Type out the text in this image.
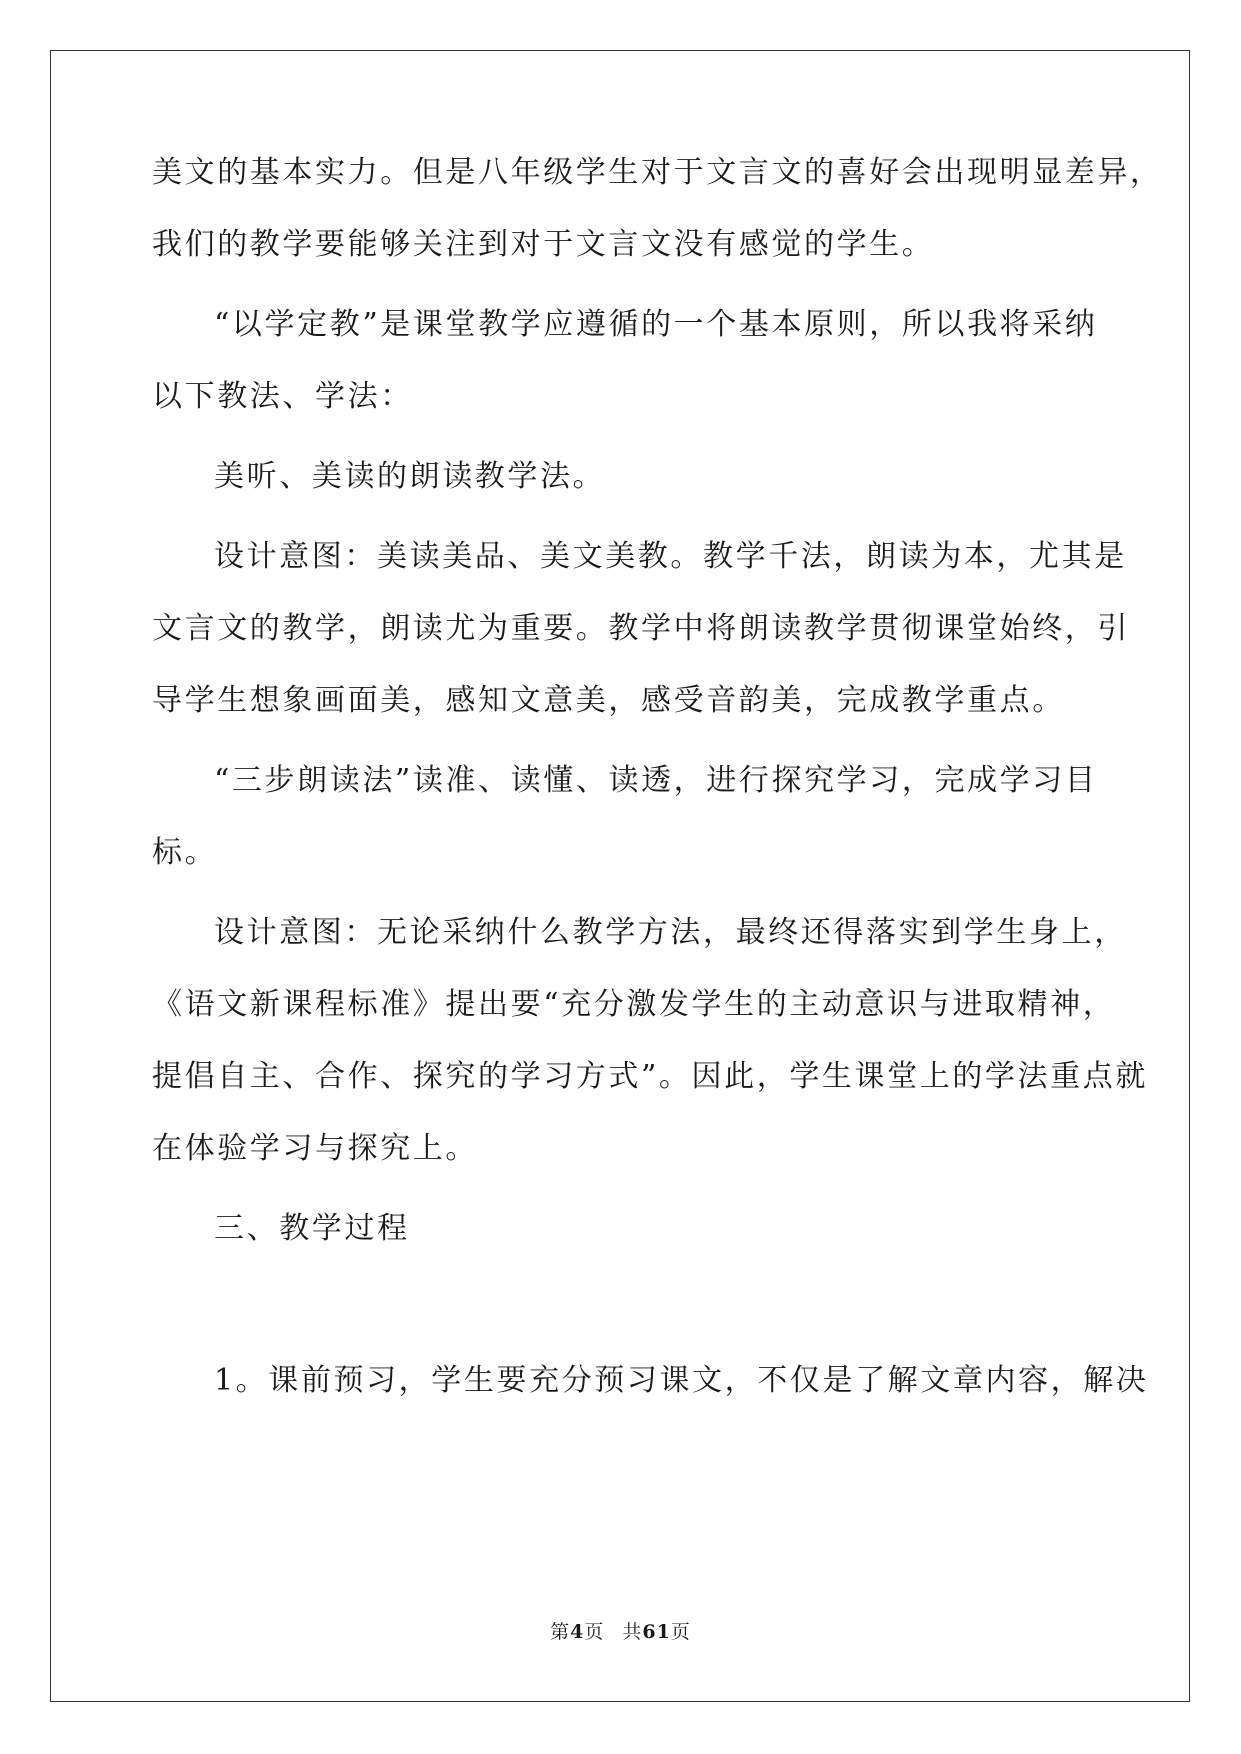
美文的基本实力。但是八年级学生对于文言文的喜好会出现明显差异，
我们的教学要能够关注到对于文言文没有感觉的学生。
“以学定教”是课堂教学应遵循的一个基本原则，所以我将采纳
以下教法、学法：
美听、美读的朗读教学法。
设计意图：美读美品、美文美教。教学千法，朗读为本，尤其是
文言文的教学，朗读尤为重要。教学中将朗读教学贯彻课堂始终，引
导学生想象画面美，感知文意美，感受音韵美，完成教学重点。
“三步朗读法”读准、读懂、读透，进行探究学习，完成学习目
标。
设计意图：无论采纳什么教学方法，最终还得落实到学生身上，
《语文新课程标准》提出要“充分激发学生的主动意识与进取精神，
提倡自主、合作、探究的学习方式”。因此，学生课堂上的学法重点就
在体验学习与探究上。
三、教学过程
1。课前预习，学生要充分预习课文，不仅是了解文章内容，解决
第4页 共61页
